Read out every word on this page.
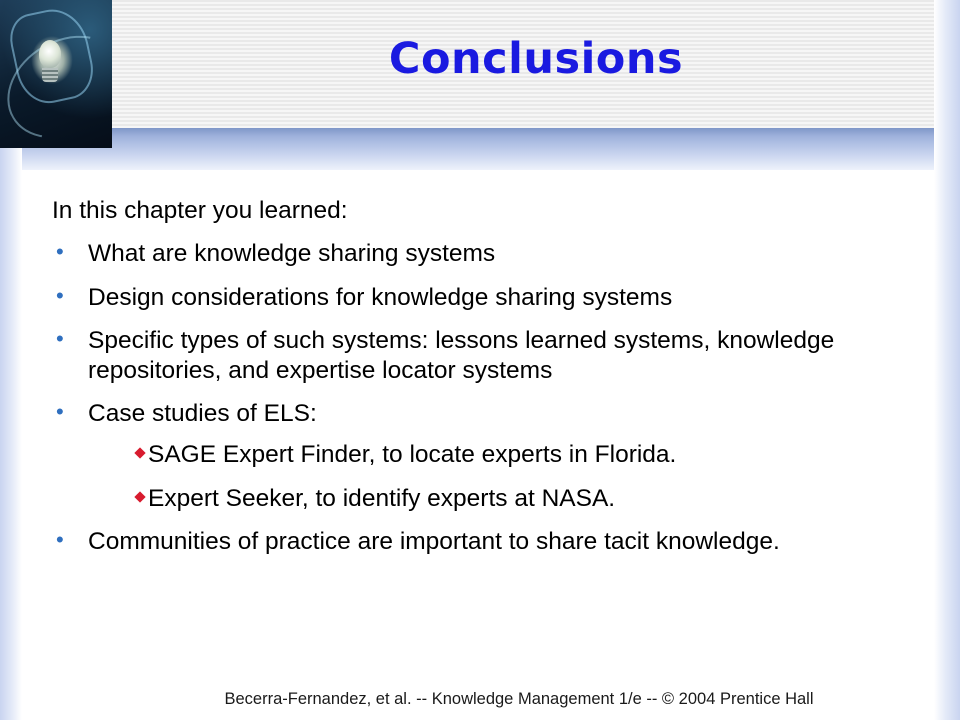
Conclusions

In this chapter you learned:

• What are knowledge sharing systems
• Design considerations for knowledge sharing systems
• Specific types of such systems: lessons learned systems, knowledge repositories, and expertise locator systems
• Case studies of ELS:
SAGE Expert Finder, to locate experts in Florida.
Expert Seeker, to identify experts at NASA.
• Communities of practice are important to share tacit knowledge.
Becerra-Fernandez, et al. -- Knowledge Management 1/e -- © 2004 Prentice Hall
